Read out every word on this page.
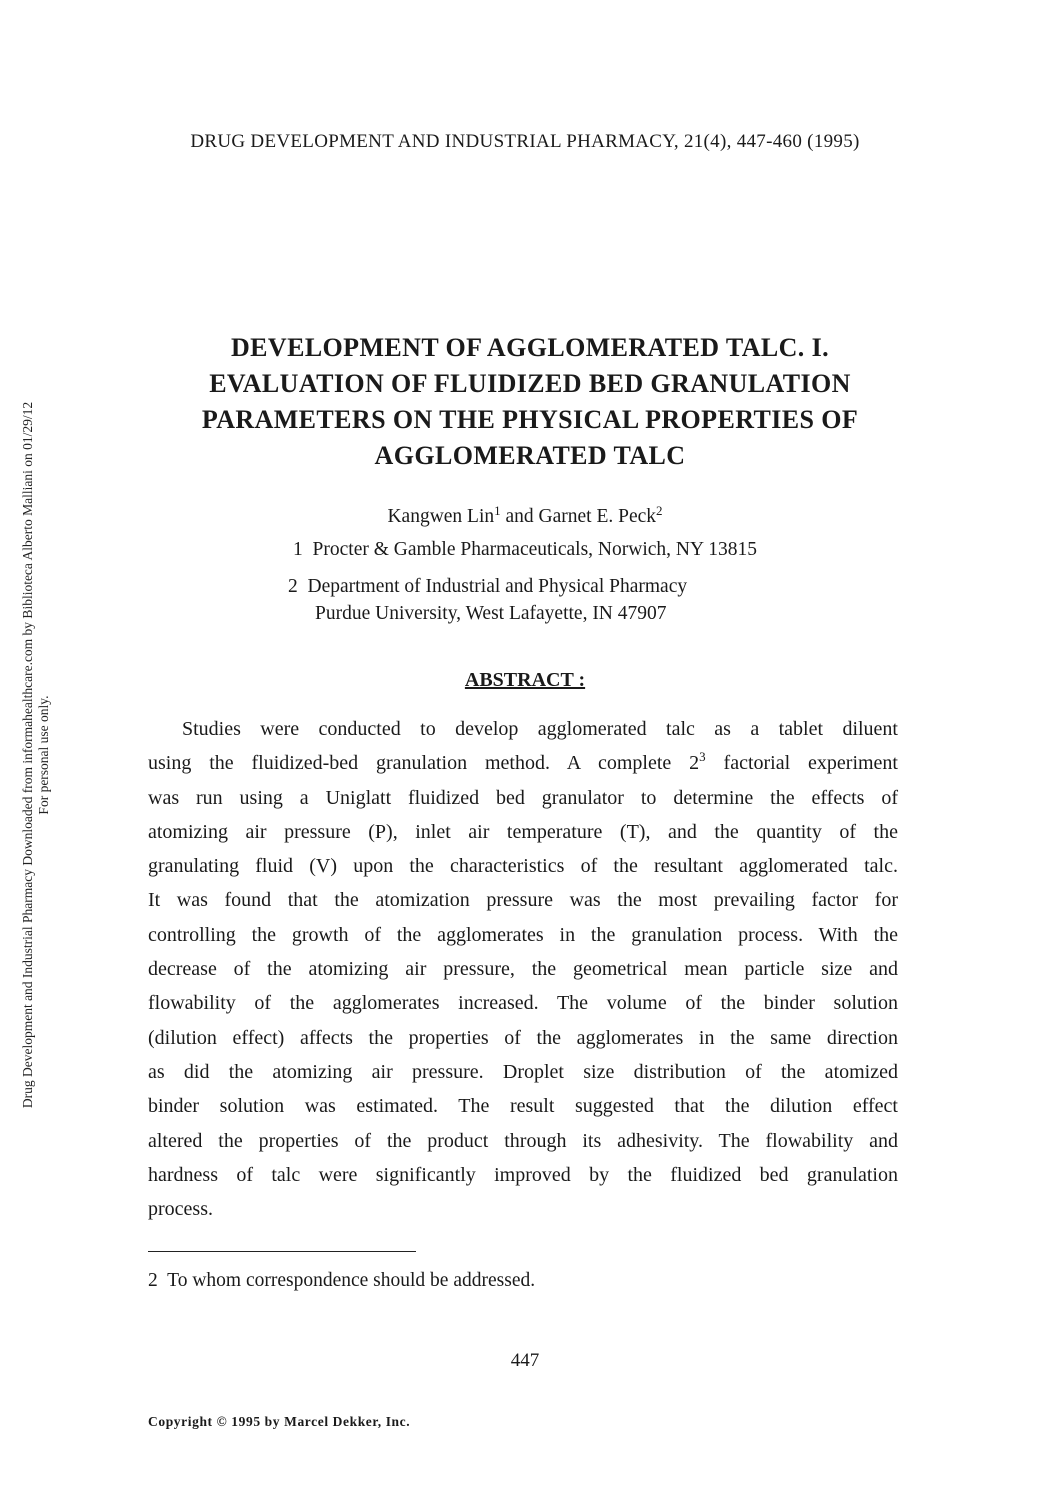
DRUG DEVELOPMENT AND INDUSTRIAL PHARMACY, 21(4), 447-460 (1995)
Drug Development and Industrial Pharmacy Downloaded from informahealthcare.com by Biblioteca Alberto Malliani on 01/29/12 For personal use only.
DEVELOPMENT OF AGGLOMERATED TALC. I.
EVALUATION OF FLUIDIZED BED GRANULATION
PARAMETERS ON THE PHYSICAL PROPERTIES OF
AGGLOMERATED TALC
Kangwen Lin$^1$ and Garnet E. Peck$^2$
1  Procter & Gamble Pharmaceuticals, Norwich, NY 13815
2  Department of Industrial and Physical Pharmacy
Purdue University, West Lafayette, IN 47907
ABSTRACT :
Studies were conducted to develop agglomerated talc as a tablet diluent
using the fluidized-bed granulation method. A complete $2^3$ factorial experiment
was run using a Uniglatt fluidized bed granulator to determine the effects of
atomizing air pressure (P), inlet air temperature (T), and the quantity of the
granulating fluid (V) upon the characteristics of the resultant agglomerated talc.
It was found that the atomization pressure was the most prevailing factor for
controlling the growth of the agglomerates in the granulation process. With the
decrease of the atomizing air pressure, the geometrical mean particle size and
flowability of the agglomerates increased. The volume of the binder solution
(dilution effect) affects the properties of the agglomerates in the same direction
as did the atomizing air pressure. Droplet size distribution of the atomized
binder solution was estimated. The result suggested that the dilution effect
altered the properties of the product through its adhesivity. The flowability and
hardness of talc were significantly improved by the fluidized bed granulation
process.
2  To whom correspondence should be addressed.
447
Copyright © 1995 by Marcel Dekker, Inc.
